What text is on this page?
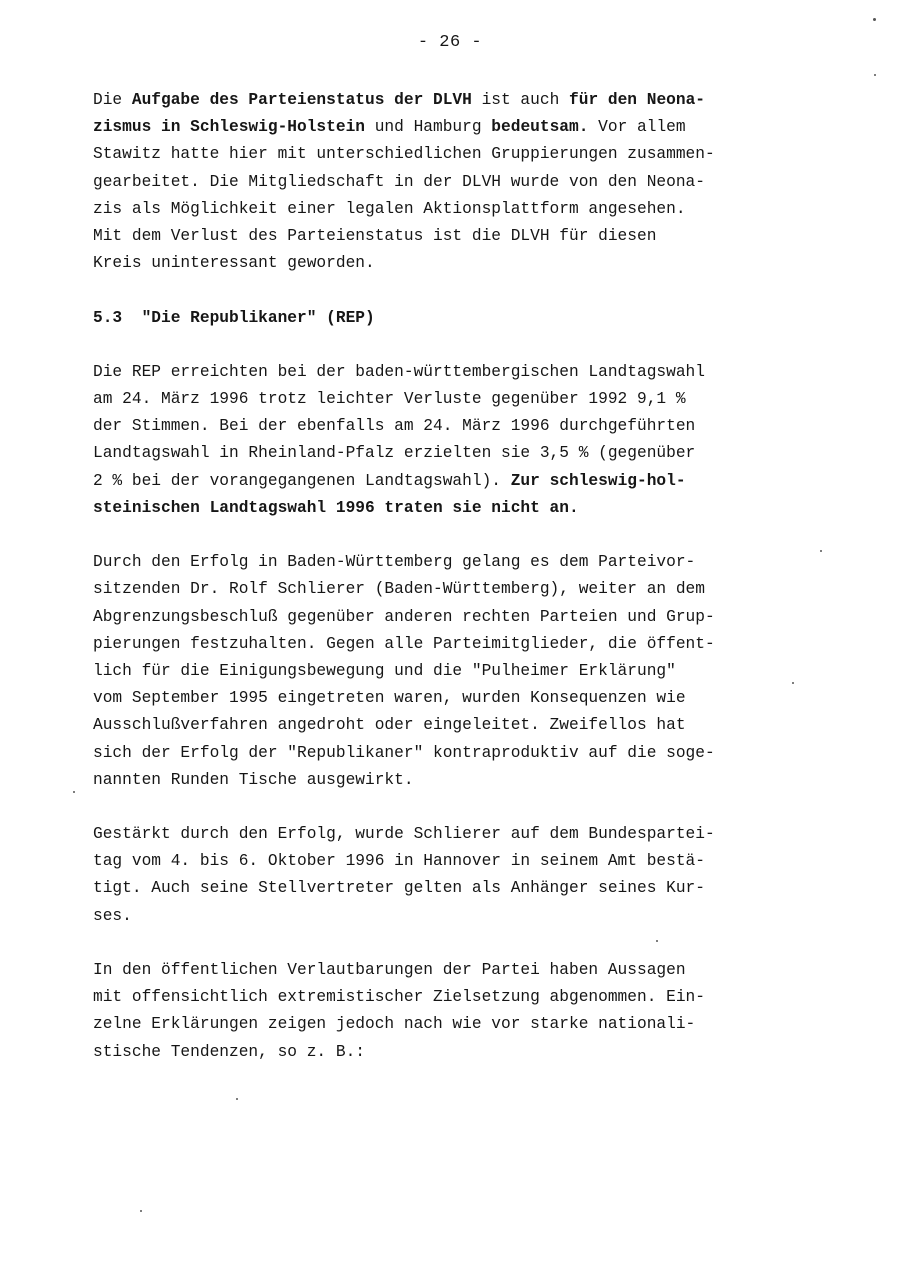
- 26 -
Die Aufgabe des Parteienstatus der DLVH ist auch für den Neona-
zismus in Schleswig-Holstein und Hamburg bedeutsam. Vor allem
Stawitz hatte hier mit unterschiedlichen Gruppierungen zusammen-
gearbeitet. Die Mitgliedschaft in der DLVH wurde von den Neona-
zis als Möglichkeit einer legalen Aktionsplattform angesehen.
Mit dem Verlust des Parteienstatus ist die DLVH für diesen
Kreis uninteressant geworden.
5.3 "Die Republikaner" (REP)
Die REP erreichten bei der baden-württembergischen Landtagswahl
am 24. März 1996 trotz leichter Verluste gegenüber 1992 9,1 %
der Stimmen. Bei der ebenfalls am 24. März 1996 durchgeführten
Landtagswahl in Rheinland-Pfalz erzielten sie 3,5 % (gegenüber
2 % bei der vorangegangenen Landtagswahl). Zur schleswig-hol-
steinischen Landtagswahl 1996 traten sie nicht an.
Durch den Erfolg in Baden-Württemberg gelang es dem Parteivor-
sitzenden Dr. Rolf Schlierer (Baden-Württemberg), weiter an dem
Abgrenzungsbeschluß gegenüber anderen rechten Parteien und Grup-
pierungen festzuhalten. Gegen alle Parteimitglieder, die öffent-
lich für die Einigungsbewegung und die "Pulheimer Erklärung"
vom September 1995 eingetreten waren, wurden Konsequenzen wie
Ausschlußverfahren angedroht oder eingeleitet. Zweifellos hat
sich der Erfolg der "Republikaner" kontraproduktiv auf die soge-
nannten Runden Tische ausgewirkt.
Gestärkt durch den Erfolg, wurde Schlierer auf dem Bundespartei-
tag vom 4. bis 6. Oktober 1996 in Hannover in seinem Amt bestä-
tigt. Auch seine Stellvertreter gelten als Anhänger seines Kur-
ses.
In den öffentlichen Verlautbarungen der Partei haben Aussagen
mit offensichtlich extremistischer Zielsetzung abgenommen. Ein-
zelne Erklärungen zeigen jedoch nach wie vor starke nationali-
stische Tendenzen, so z. B.:
